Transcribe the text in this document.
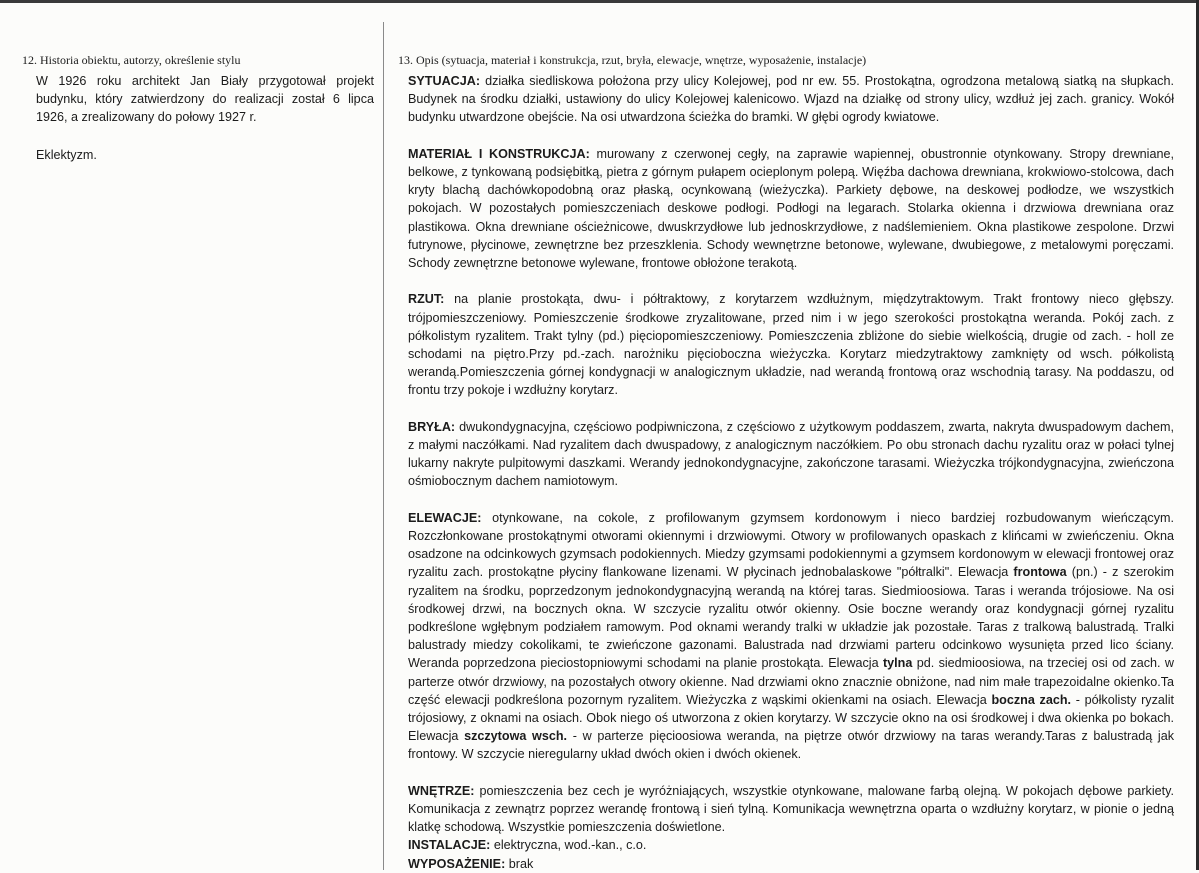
12. Historia obiektu, autorzy, określenie stylu

W 1926 roku architekt Jan Biały przygotował projekt budynku, który zatwierdzony do realizacji został 6 lipca 1926, a zrealizowany do połowy 1927 r.

Eklektyzm.

13. Opis (sytuacja, materiał i konstrukcja, rzut, bryła, elewacje, wnętrze, wyposażenie, instalacje)

SYTUACJA: działka siedliskowa położona przy ulicy Kolejowej, pod nr ew. 55. Prostokątna, ogrodzona metalową siatką na słupkach. Budynek na środku działki, ustawiony do ulicy Kolejowej kalenicowo. Wjazd na działkę od strony ulicy, wzdłuż jej zach. granicy. Wokół budynku utwardzone obejście. Na osi utwardzona ścieżka do bramki. W głębi ogrody kwiatowe.

MATERIAŁ I KONSTRUKCJA: murowany z czerwonej cegły, na zaprawie wapiennej, obustronnie otynkowany. Stropy drewniane, belkowe, z tynkowaną podsiębitką, pietra z górnym pułapem ocieplonym polepą. Więźba dachowa drewniana, krokwiowo-stolcowa, dach kryty blachą dachówkopodobną oraz płaską, ocynkowaną (wieżyczka). Parkiety dębowe, na deskowej podłodze, we wszystkich pokojach. W pozostałych pomieszczeniach deskowe podłogi. Podłogi na legarach. Stolarka okienna i drzwiowa drewniana oraz plastikowa. Okna drewniane ościeżnicowe, dwuskrzydłowe lub jednoskrzydłowe, z nadślemieniem. Okna plastikowe zespolone. Drzwi futrynowe, płycinowe, zewnętrzne bez przeszklenia. Schody wewnętrzne betonowe, wylewane, dwubiegowe, z metalowymi poręczami. Schody zewnętrzne betonowe wylewane, frontowe obłożone terakotą.

RZUT: na planie prostokąta, dwu- i półtraktowy, z korytarzem wzdłużnym, międzytraktowym. Trakt frontowy nieco głębszy. trójpomieszczeniowy. Pomieszczenie środkowe zryzalitowane, przed nim i w jego szerokości prostokątna weranda. Pokój zach. z półkolistym ryzalitem. Trakt tylny (pd.) pięciopomieszczeniowy. Pomieszczenia zbliżone do siebie wielkością, drugie od zach. - holl ze schodami na piętro.Przy pd.-zach. narożniku pięcioboczna wieżyczka. Korytarz miedzytraktowy zamknięty od wsch. półkolistą werandą.Pomieszczenia górnej kondygnacji w analogicznym układzie, nad werandą frontową oraz wschodnią tarasy. Na poddaszu, od frontu trzy pokoje i wzdłużny korytarz.

BRYŁA: dwukondygnacyjna, częściowo podpiwniczona, z częściowo z użytkowym poddaszem, zwarta, nakryta dwuspadowym dachem, z małymi naczółkami. Nad ryzalitem dach dwuspadowy, z analogicznym naczółkiem. Po obu stronach dachu ryzalitu oraz w połaci tylnej lukarny nakryte pulpitowymi daszkami. Werandy jednokondygnacyjne, zakończone tarasami. Wieżyczka trójkondygnacyjna, zwieńczona ośmiobocznym dachem namiotowym.

ELEWACJE: otynkowane, na cokole, z profilowanym gzymsem kordonowym i nieco bardziej rozbudowanym wieńczącym. Rozczłonkowane prostokątnymi otworami okiennymi i drzwiowymi. Otwory w profilowanych opaskach z klińcami w zwieńczeniu. Okna osadzone na odcinkowych gzymsach podokiennych. Miedzy gzymsami podokiennymi a gzymsem kordonowym w elewacji frontowej oraz ryzalitu zach. prostokątne płyciny flankowane lizenami. W płycinach jednobalaskowe "półtralki". Elewacja frontowa (pn.) - z szerokim ryzalitem na środku, poprzedzonym jednokondygnacyjną werandą na której taras. Siedmioosiowa. Taras i weranda trójosiowe. Na osi środkowej drzwi, na bocznych okna. W szczycie ryzalitu otwór okienny. Osie boczne werandy oraz kondygnacji górnej ryzalitu podkreślone wgłębnym podziałem ramowym. Pod oknami werandy tralki w układzie jak pozostałe. Taras z tralkową balustradą. Tralki balustrady miedzy cokolikami, te zwieńczone gazonami. Balustrada nad drzwiami parteru odcinkowo wysunięta przed lico ściany. Weranda poprzedzona pieciostopniowymi schodami na planie prostokąta. Elewacja tylna pd. siedmioosiowa, na trzeciej osi od zach. w parterze otwór drzwiowy, na pozostałych otwory okienne. Nad drzwiami okno znacznie obniżone, nad nim małe trapezoidalne okienko.Ta część elewacji podkreślona pozornym ryzalitem. Wieżyczka z wąskimi okienkami na osiach. Elewacja boczna zach. - półkolisty ryzalit trójosiowy, z oknami na osiach. Obok niego oś utworzona z okien korytarzy. W szczycie okno na osi środkowej i dwa okienka po bokach. Elewacja szczytowa wsch. - w parterze pięcioosiowa weranda, na piętrze otwór drzwiowy na taras werandy.Taras z balustradą jak frontowy. W szczycie nieregularny układ dwóch okien i dwóch okienek.

WNĘTRZE: pomieszczenia bez cech je wyróżniających, wszystkie otynkowane, malowane farbą olejną. W pokojach dębowe parkiety. Komunikacja z zewnątrz poprzez werandę frontową i sień tylną. Komunikacja wewnętrzna oparta o wzdłużny korytarz, w pionie o jedną klatkę schodową. Wszystkie pomieszczenia doświetlone.

INSTALACJE: elektryczna, wod.-kan., c.o.

WYPOSAŻENIE: brak
